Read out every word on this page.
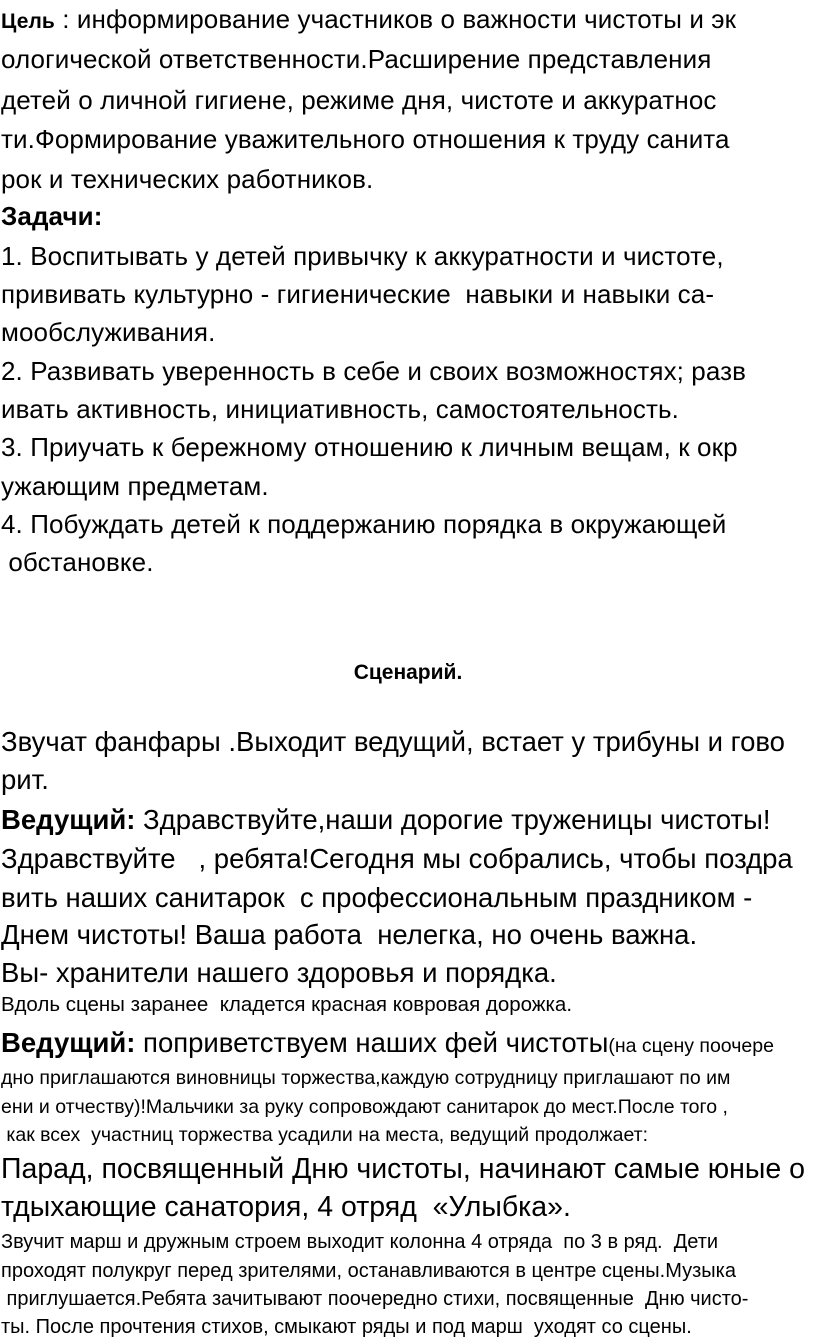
Цель : информирование участников о важности чистоты и эк
ологической ответственности.Расширение представления
детей о личной гигиене, режиме дня, чистоте и аккуратнос
ти.Формирование уважительного отношения к труду санита
рок и технических работников.
Задачи:
1. Воспитывать у детей привычку к аккуратности и чистоте,
прививать культурно - гигиенические  навыки и навыки са-
мообслуживания.
2. Развивать уверенность в себе и своих возможностях; разв
ивать активность, инициативность, самостоятельность.
3. Приучать к бережному отношению к личным вещам, к окр
ужающим предметам.
4. Побуждать детей к поддержанию порядка в окружающей
обстановке.
Сценарий.
Звучат фанфары .Выходит ведущий, встает у трибуны и гово
рит.
Ведущий: Здравствуйте,наши дорогие труженицы чистоты!
Здравствуйте   , ребята!Сегодня мы собрались, чтобы поздра
вить наших санитарок  с профессиональным праздником -
Днем чистоты! Ваша работа  нелегка, но очень важна.
Вы- хранители нашего здоровья и порядка.
Вдоль сцены заранее  кладется красная ковровая дорожка.
Ведущий: поприветствуем наших фей чистоты(на сцену поочере
дно приглашаются виновницы торжества,каждую сотрудницу приглашают по им
ени и отчеству)!Мальчики за руку сопровождают санитарок до мест.После того ,
как всех  участниц торжества усадили на места, ведущий продолжает:
Парад, посвященный Дню чистоты, начинают самые юные о
тдыхающие санатория, 4 отряд  «Улыбка».
Звучит марш и дружным строем выходит колонна 4 отряда  по 3 в ряд.  Дети
проходят полукруг перед зрителями, останавливаются в центре сцены.Музыка
приглушается.Ребята зачитывают поочередно стихи, посвященные  Дню чисто-
ты. После прочтения стихов, смыкают ряды и под марш  уходят со сцены.
